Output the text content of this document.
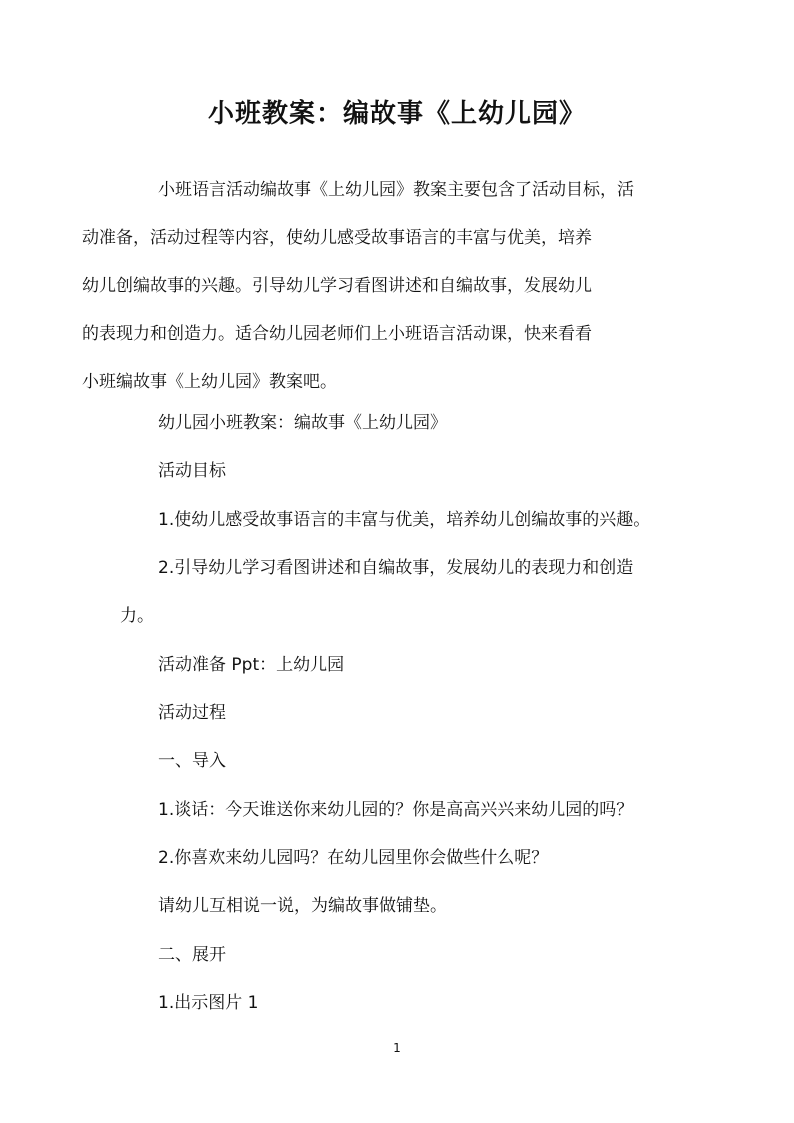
小班教案：编故事《上幼儿园》

小班语言活动编故事《上幼儿园》教案主要包含了活动目标，活
动准备，活动过程等内容，使幼儿感受故事语言的丰富与优美，培养
幼儿创编故事的兴趣。引导幼儿学习看图讲述和自编故事，发展幼儿
的表现力和创造力。适合幼儿园老师们上小班语言活动课，快来看看
小班编故事《上幼儿园》教案吧。

幼儿园小班教案：编故事《上幼儿园》

活动目标

1.使幼儿感受故事语言的丰富与优美，培养幼儿创编故事的兴趣。

2.引导幼儿学习看图讲述和自编故事，发展幼儿的表现力和创造

力。

活动准备 Ppt：上幼儿园

活动过程

一、导入

1.谈话：今天谁送你来幼儿园的？你是高高兴兴来幼儿园的吗？

2.你喜欢来幼儿园吗？在幼儿园里你会做些什么呢？

请幼儿互相说一说，为编故事做铺垫。

二、展开

1.出示图片 1

1
